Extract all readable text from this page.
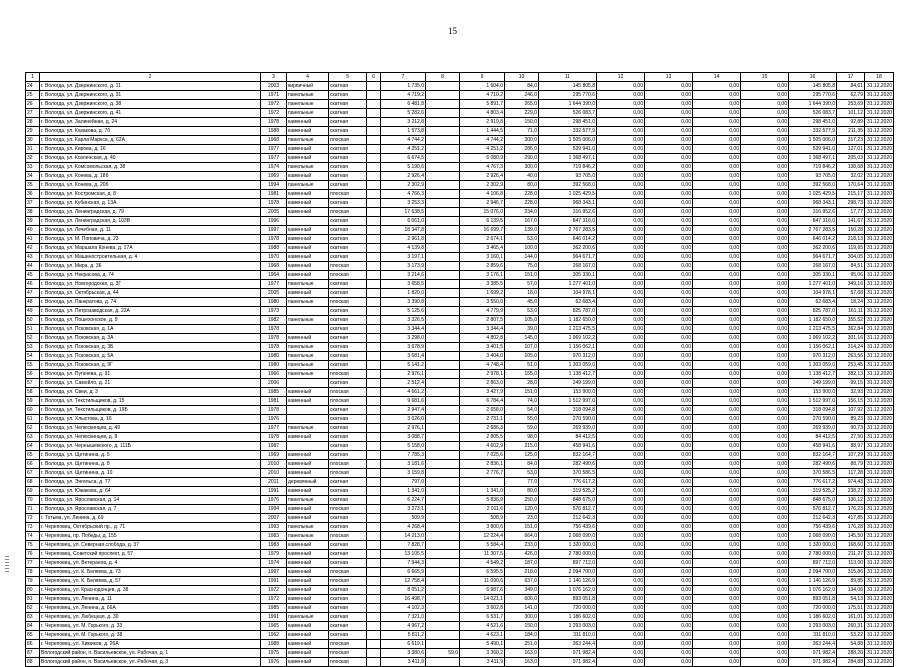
15
1	2	3	4	5	6	7	8	9	10	11	12	13	14	15	16	17	18
24	г. Вологда, ул. Дзержинского, д. 11	2003	кирпичный	скатная		1 735,0		1 604,0	84,0	145 805,8	0,00	0,00	0,00	0,00	145 805,8	84,61	31.12.2020
25	г. Вологда, ул. Дзержинского, д. 31	1971	панельные	скатная		4 719,2		4 710,2	246,0	295 770,6	0,00	0,00	0,00	0,00	295 770,6	62,79	31.12.2020
26	г. Вологда, ул. Дзержинского, д. 38	1972	панельные	скатная		6 481,8		5 891,7	265,0	1 644 390,0	0,00	0,00	0,00	0,00	1 644 390,0	253,69	31.12.2020
27	г. Вологда, ул. Дзержинского, д. 41	1972	панельные	скатная		5 282,6		4 803,4	229,0	526 083,7	0,00	0,00	0,00	0,00	526 083,7	101,12	31.12.2020
28	г. Вологда, ул. Залинейная, д. 24	1978	каменный	скатная		3 212,8		2 919,8	150,0	298 451,0	0,00	0,00	0,00	0,00	298 451,0	92,89	31.12.2020
29	г. Вологда, ул. Казакова, д. 7б	1988	каменный	скатная		1 573,8		1 444,5	71,0	332 577,9	0,00	0,00	0,00	0,00	332 577,9	211,35	31.12.2020
30	г. Вологда, ул. Карла Маркса, д. 62А	1968	панельные	плоская		4 744,2		4 744,2	300,0	1 505 006,0	0,00	0,00	0,00	0,00	1 505 006,0	317,23	31.12.2020
31	г. Вологда, ул. Кирова, д. 16	1977	каменный	скатная		4 251,2		4 251,2	286,0	539 941,0	0,00	0,00	0,00	0,00	539 941,0	127,01	31.12.2020
32	г. Вологда, ул. Козленская, д. 40	1977	каменный	скатная		6 674,5		6 080,9	290,0	1 368 497,1	0,00	0,00	0,00	0,00	1 368 497,1	205,03	31.12.2020
33	г. Вологда, ул. Комсомольская, д. 38	1974	панельные	скатная		5 190,6		4 767,3	300,0	719 846,2	0,00	0,00	0,00	0,00	719 846,2	138,68	31.12.2020
34	г. Вологда, ул. Конева, д. 18б	1969	каменный	скатная		2 926,4		2 926,4	40,0	93 705,0	0,00	0,00	0,00	0,00	93 705,0	32,02	31.12.2020
35	г. Вологда, ул. Конева, д. 20б	1994	панельные	скатная		2 302,9		2 302,9	80,0	392 568,0	0,00	0,00	0,00	0,00	392 568,0	170,64	31.12.2020
36	г. Вологда, ул. Костромская, д. 8	1981	каменный	плоская		4 766,3		4 106,8	228,0	1 025 429,5	0,00	0,00	0,00	0,00	1 025 429,5	215,17	31.12.2020
37	г. Вологда, ул. Кубинская, д. 13А	1978	каменный	скатная		3 253,3		2 946,7	228,0	968 343,1	0,00	0,00	0,00	0,00	968 343,1	298,73	31.12.2020
38	г. Вологда, ул. Ленинградская, д. 79	2005	каменный	плоская		17 638,5		15 076,0	234,0	316 952,6	0,00	0,00	0,00	0,00	316 952,6	17,77	31.12.2020
39	г. Вологда, ул. Ленинградская, д. 103В	1996		скатная		6 061,0		6 139,5	167,0	847 316,0	0,00	0,00	0,00	0,00	847 316,0	141,67	31.12.2020
40	г. Вологда, ул. Лечебная, д. 11	1997	каменный	скатная		18 347,8		16 699,7	139,0	2 767 283,5	0,00	0,00	0,00	0,00	2 767 283,5	150,28	31.12.2020
41	г. Вологда, ул. М. Поповича, д. 23	1978	каменный	скатная		2 961,8		2 674,1	53,0	646 014,2	0,00	0,00	0,00	0,00	646 014,2	218,13	31.12.2020
42	г. Вологда, ул. Маршала Конева, д. 17А	1988	каменный	скатная		4 139,8		3 465,4	100,0	362 200,6	0,00	0,00	0,00	0,00	362 200,6	119,65	31.12.2020
43	г. Вологда, ул. Машиностроительная, д. 4	1970	каменный	скатная		3 197,1		3 160,1	144,0	964 671,7	0,00	0,00	0,00	0,00	964 671,7	304,05	31.12.2020
44	г. Вологда, ул. Мира, д. 36	1968	каменный	плоская		3 173,9		2 859,6	75,0	268 167,0	0,00	0,00	0,00	0,00	268 167,0	84,51	31.12.2020
45	г. Вологда, ул. Некрасова, д. 74	1964	каменный	плоская		3 214,6		3 176,1	151,0	305 330,1	0,00	0,00	0,00	0,00	305 330,1	95,06	31.12.2020
46	г. Вологда, ул. Новгородская, д. 3Г	1977	панельные	скатная		3 658,5		3 385,5	57,0	1 277 401,0	0,00	0,00	0,00	0,00	1 277 401,0	349,16	31.12.2020
47	г. Вологда, ул. Октябрьская, д. 44	2005	каменный	скатная		1 820,0		1 699,2	18,0	104 978,1	0,00	0,00	0,00	0,00	104 978,1	57,68	31.12.2020
48	г. Вологда, ул. Панкратова, д. 74	1980	панельные	плоская		3 390,8		3 550,0	45,0	62 683,4	0,00	0,00	0,00	0,00	62 683,4	18,24	31.12.2020
49	г. Вологда, ул. Петрозаводская, д. 22А	1973		скатная		5 125,6		4 779,9	53,0	825 787,0	0,00	0,00	0,00	0,00	825 787,0	161,11	31.12.2020
50	г. Вологда, ул. Пошехонское, д. 9	1982	панельные	скатная		3 326,5		2 807,5	105,0	1 182 650,0	0,00	0,00	0,00	0,00	1 182 650,0	355,52	31.12.2020
51	г. Вологда, ул. Псковская, д. 1А	1978		скатная		3 344,4		3 344,4	39,0	1 213 475,5	0,00	0,00	0,00	0,00	1 213 475,5	362,84	31.12.2020
52	г. Вологда, ул. Псковская, д. 3А	1978	каменный	скатная		3 298,0		4 802,8	145,0	1 969 102,2	0,00	0,00	0,00	0,00	1 969 102,2	301,16	31.12.2020
53	г. Вологда, ул. Псковская, д. 3Б	1978	панельные	скатная		3 678,9		3 401,5	107,0	1 156 062,1	0,00	0,00	0,00	0,00	1 156 062,1	314,24	31.12.2020
54	г. Вологда, ул. Псковская, д. 5А	1980	панельные	скатная		3 681,4		3 404,0	105,0	970 312,0	0,00	0,00	0,00	0,00	970 312,0	263,56	31.12.2020
55	г. Вологда, ул. Псковская, д. 9Г	1980	панельные	скатная		5 141,2		4 748,4	51,0	1 303 059,0	0,00	0,00	0,00	0,00	1 303 059,0	253,45	31.12.2020
56	г. Вологда, ул. Пугачева, д. 91	1966	панельные	плоская		2 976,1		2 978,1	155,0	1 138 412,7	0,00	0,00	0,00	0,00	1 138 412,7	382,13	31.12.2020
57	г. Вологда, ул. Самойло, д. 21	2006		скатная		2 512,4		2 863,0	28,0	249 199,0	0,00	0,00	0,00	0,00	249 199,0	99,15	31.12.2020
58	г. Вологда, ул. Свеи, д. 3	1985	каменный	плоская		4 661,2		3 427,9	151,0	153 900,0	0,00	0,00	0,00	0,00	153 900,0	32,93	31.12.2020
59	г. Вологда, ул. Текстильщиков, д. 15	1981	каменный	плоская		9 681,6		6 784,4	74,0	1 512 997,0	0,00	0,00	0,00	0,00	1 512 997,0	156,15	31.12.2020
60	г. Вологда, ул. Текстильщиков, д. 19Б	1978		скатная		2 947,4		2 658,0	54,0	318 094,8	0,00	0,00	0,00	0,00	318 094,8	107,92	31.12.2020
61	г. Вологда, ул. Хлыстова, д. 16	1976		скатная		3 026,0		2 731,1	55,0	270 590,0	0,00	0,00	0,00	0,00	270 590,0	89,23	31.12.2020
62	г. Вологда, ул. Челюскинцев, д. 49	1977	панельные	скатная		2 976,1		2 686,3	59,0	269 939,0	0,00	0,00	0,00	0,00	269 939,0	90,73	31.12.2020
63	г. Вологда, ул. Челюскинцев, д. 8	1978	каменный	скатная		3 088,7		2 805,5	98,0	84 412,5	0,00	0,00	0,00	0,00	84 412,5	27,50	31.12.2020
64	г. Вологда, ул. Чернышевского, д. 111Б	1987		скатная		5 158,0		4 602,9	215,0	458 941,6	0,00	0,00	0,00	0,00	458 941,6	88,97	31.12.2020
65	г. Вологда, ул. Щетинина, д. 5	1969	каменный	скатная		7 785,3		7 025,6	125,0	832 164,7	0,00	0,00	0,00	0,00	832 164,7	107,29	31.12.2020
66	г. Вологда, ул. Щетинина, д. 8	2010	каменный	плоская		3 181,6		2 836,1	84,0	282 490,6	0,00	0,00	0,00	0,00	282 490,6	88,79	31.12.2020
67	г. Вологда, ул. Щетинина, д. 10	2010	каменный	плоская		3 159,8		2 776,7	53,0	370 586,5	0,00	0,00	0,00	0,00	370 586,5	117,28	31.12.2020
68	г. Вологда, ул. Энгельса, д. 77	2011	деревянный	скатная		797,0			77,0	776 617,2	0,00	0,00	0,00	0,00	776 617,2	974,43	31.12.2020
69	г. Вологда, ул. Южакова, д. 64	1991	каменный	скатная		1 341,0		1 341,0	80,0	319 525,2	0,00	0,00	0,00	0,00	319 525,2	238,27	31.12.2020
70	г. Вологда, ул. Ярославская, д. 14	1976	панельные	скатная		6 224,7		5 836,9	250,0	848 675,0	0,00	0,00	0,00	0,00	848 675,0	136,12	31.12.2020
71	г. Вологда, ул. Ярославская, д. 7	1994	каменный	плоская		3 273,1		2 911,6	120,0	576 812,7	0,00	0,00	0,00	0,00	576 812,7	176,23	31.12.2020
72	г. Тотьма, ул. Ленина, д. 69	2007	каменный	скатная		509,9		508,9	23,0	212 642,3	0,00	0,00	0,00	0,00	212 642,3	417,85	31.12.2020
73	г. Череповец, Октябрьский пр., д. 71	1993	панельные	скатная		4 268,4		3 800,6	151,0	756 439,6	0,00	0,00	0,00	0,00	756 439,6	176,28	31.12.2020
74	г. Череповец, пр. Победы, д. 155	1983	панельные	плоская		14 213,0		12 224,4	664,0	2 068 090,0	0,00	0,00	0,00	0,00	2 068 090,0	145,50	31.12.2020
75	г. Череповец, ул. Северная слобода, д. 37	1983	каменный	скатная		7 828,7		5 584,4	233,0	1 320 000,0	0,00	0,00	0,00	0,00	1 320 000,0	168,60	31.12.2020
76	г. Череповец, Советский проспект, д. 57	1979	каменный	скатная		13 105,5		11 307,5	426,0	2 780 000,0	0,00	0,00	0,00	0,00	2 780 000,0	211,27	31.12.2020
77	г. Череповец, ул. Ветеранов, д. 4	1974	каменный	скатная		7 944,3		4 549,2	187,0	897 712,0	0,00	0,00	0,00	0,00	897 712,0	113,00	31.12.2020
78	г. Череповец, ул. К. Беляева, д. 73	1997	каменный	плоская		6 665,9		6 595,5	218,0	2 094 700,0	0,00	0,00	0,00	0,00	2 094 700,0	315,86	31.12.2020
79	г. Череповец, ул. К. Беляева, д. 57	1991	каменный	плоская		12 758,4		11 090,6	637,0	1 146 126,9	0,00	0,00	0,00	0,00	1 146 126,9	89,85	31.12.2020
80	г. Череповец, ул. Краснодонцев, д. 38	1972	каменный	скатная		8 051,2		6 987,6	349,0	1 076 162,0	0,00	0,00	0,00	0,00	1 076 162,0	134,06	31.12.2020
81	г. Череповец, ул. Ленина, д. 11	1972	каменный	скатная		16 498,7		14 021,1	606,0	893 051,8	0,00	0,00	0,00	0,00	893 051,8	54,13	31.12.2020
82	г. Череповец, ул. Ленина, д. 66А	1985	каменный	скатная		4 102,3		3 602,8	141,0	720 000,0	0,00	0,00	0,00	0,00	720 000,0	175,51	31.12.2020
83	г. Череповец, ул. Любецкая, д. 30	1991	панельные	скатная		7 321,0		6 531,7	300,0	1 186 602,0	0,00	0,00	0,00	0,00	1 186 602,0	161,01	31.12.2020
84	г. Череповец, ул. М. Горького, д. 33	1965	каменный	скатная		4 967,2		4 521,6	150,0	1 293 003,0	0,00	0,00	0,00	0,00	1 293 003,0	260,31	31.12.2020
85	г. Череповец, ул. М. Горького, д. 38	1962	каменный	скатная		5 811,2		4 623,1	184,0	311 810,0	0,00	0,00	0,00	0,00	311 810,0	53,22	31.12.2020
86	г. Череповец, ул. Химиков, д. 26А	1988	каменный	плоская		6 619,1		5 490,1	251,0	363 244,4	0,00	0,00	0,00	0,00	363 244,4	54,88	31.12.2020
87	Вологодский район, п. Васильевское, ул. Рабочая, д. 1	1975	каменный	плоская		3 380,6	59,0	3 360,2	163,0	971 982,4	0,00	0,00	0,00	0,00	971 982,4	288,20	31.12.2020
88	Вологодский район, п. Васильевское, ул. Рабочая, д. 3	1976	каменный	плоская		3 411,9		3 411,9	163,0	971 982,4	0,00	0,00	0,00	0,00	971 982,4	284,88	31.12.2020
